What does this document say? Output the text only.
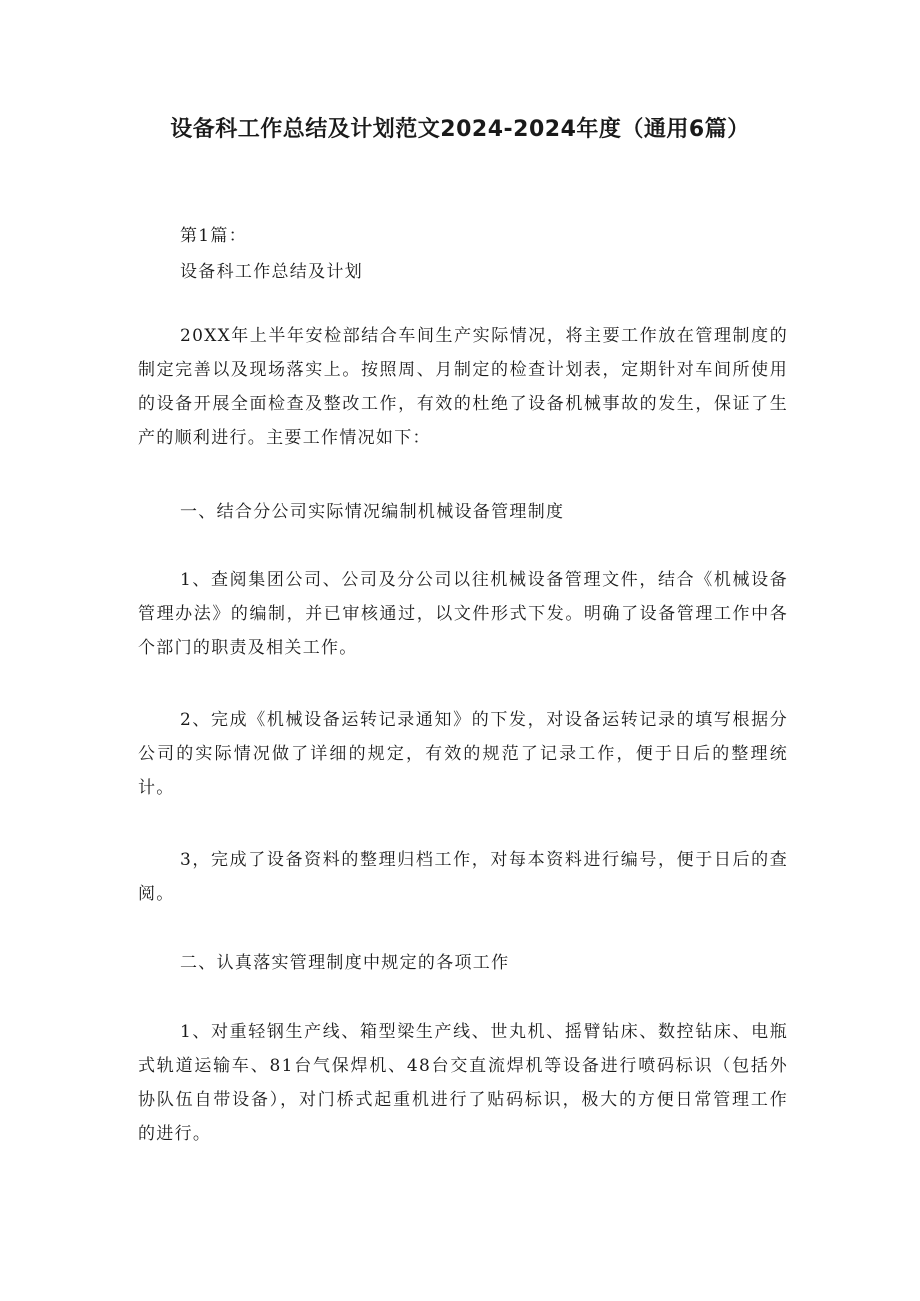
设备科工作总结及计划范文2024-2024年度（通用6篇）
第1篇：
设备科工作总结及计划

20XX年上半年安检部结合车间生产实际情况，将主要工作放在管理制度的制定完善以及现场落实上。按照周、月制定的检查计划表，定期针对车间所使用的设备开展全面检查及整改工作，有效的杜绝了设备机械事故的发生，保证了生产的顺利进行。主要工作情况如下：

一、结合分公司实际情况编制机械设备管理制度

1、查阅集团公司、公司及分公司以往机械设备管理文件，结合《机械设备管理办法》的编制，并已审核通过，以文件形式下发。明确了设备管理工作中各个部门的职责及相关工作。

2、完成《机械设备运转记录通知》的下发，对设备运转记录的填写根据分公司的实际情况做了详细的规定，有效的规范了记录工作，便于日后的整理统计。

3，完成了设备资料的整理归档工作，对每本资料进行编号，便于日后的查阅。

二、认真落实管理制度中规定的各项工作

1、对重轻钢生产线、箱型梁生产线、世丸机、摇臂钻床、数控钻床、电瓶式轨道运输车、81台气保焊机、48台交直流焊机等设备进行喷码标识（包括外协队伍自带设备），对门桥式起重机进行了贴码标识，极大的方便日常管理工作的进行。
